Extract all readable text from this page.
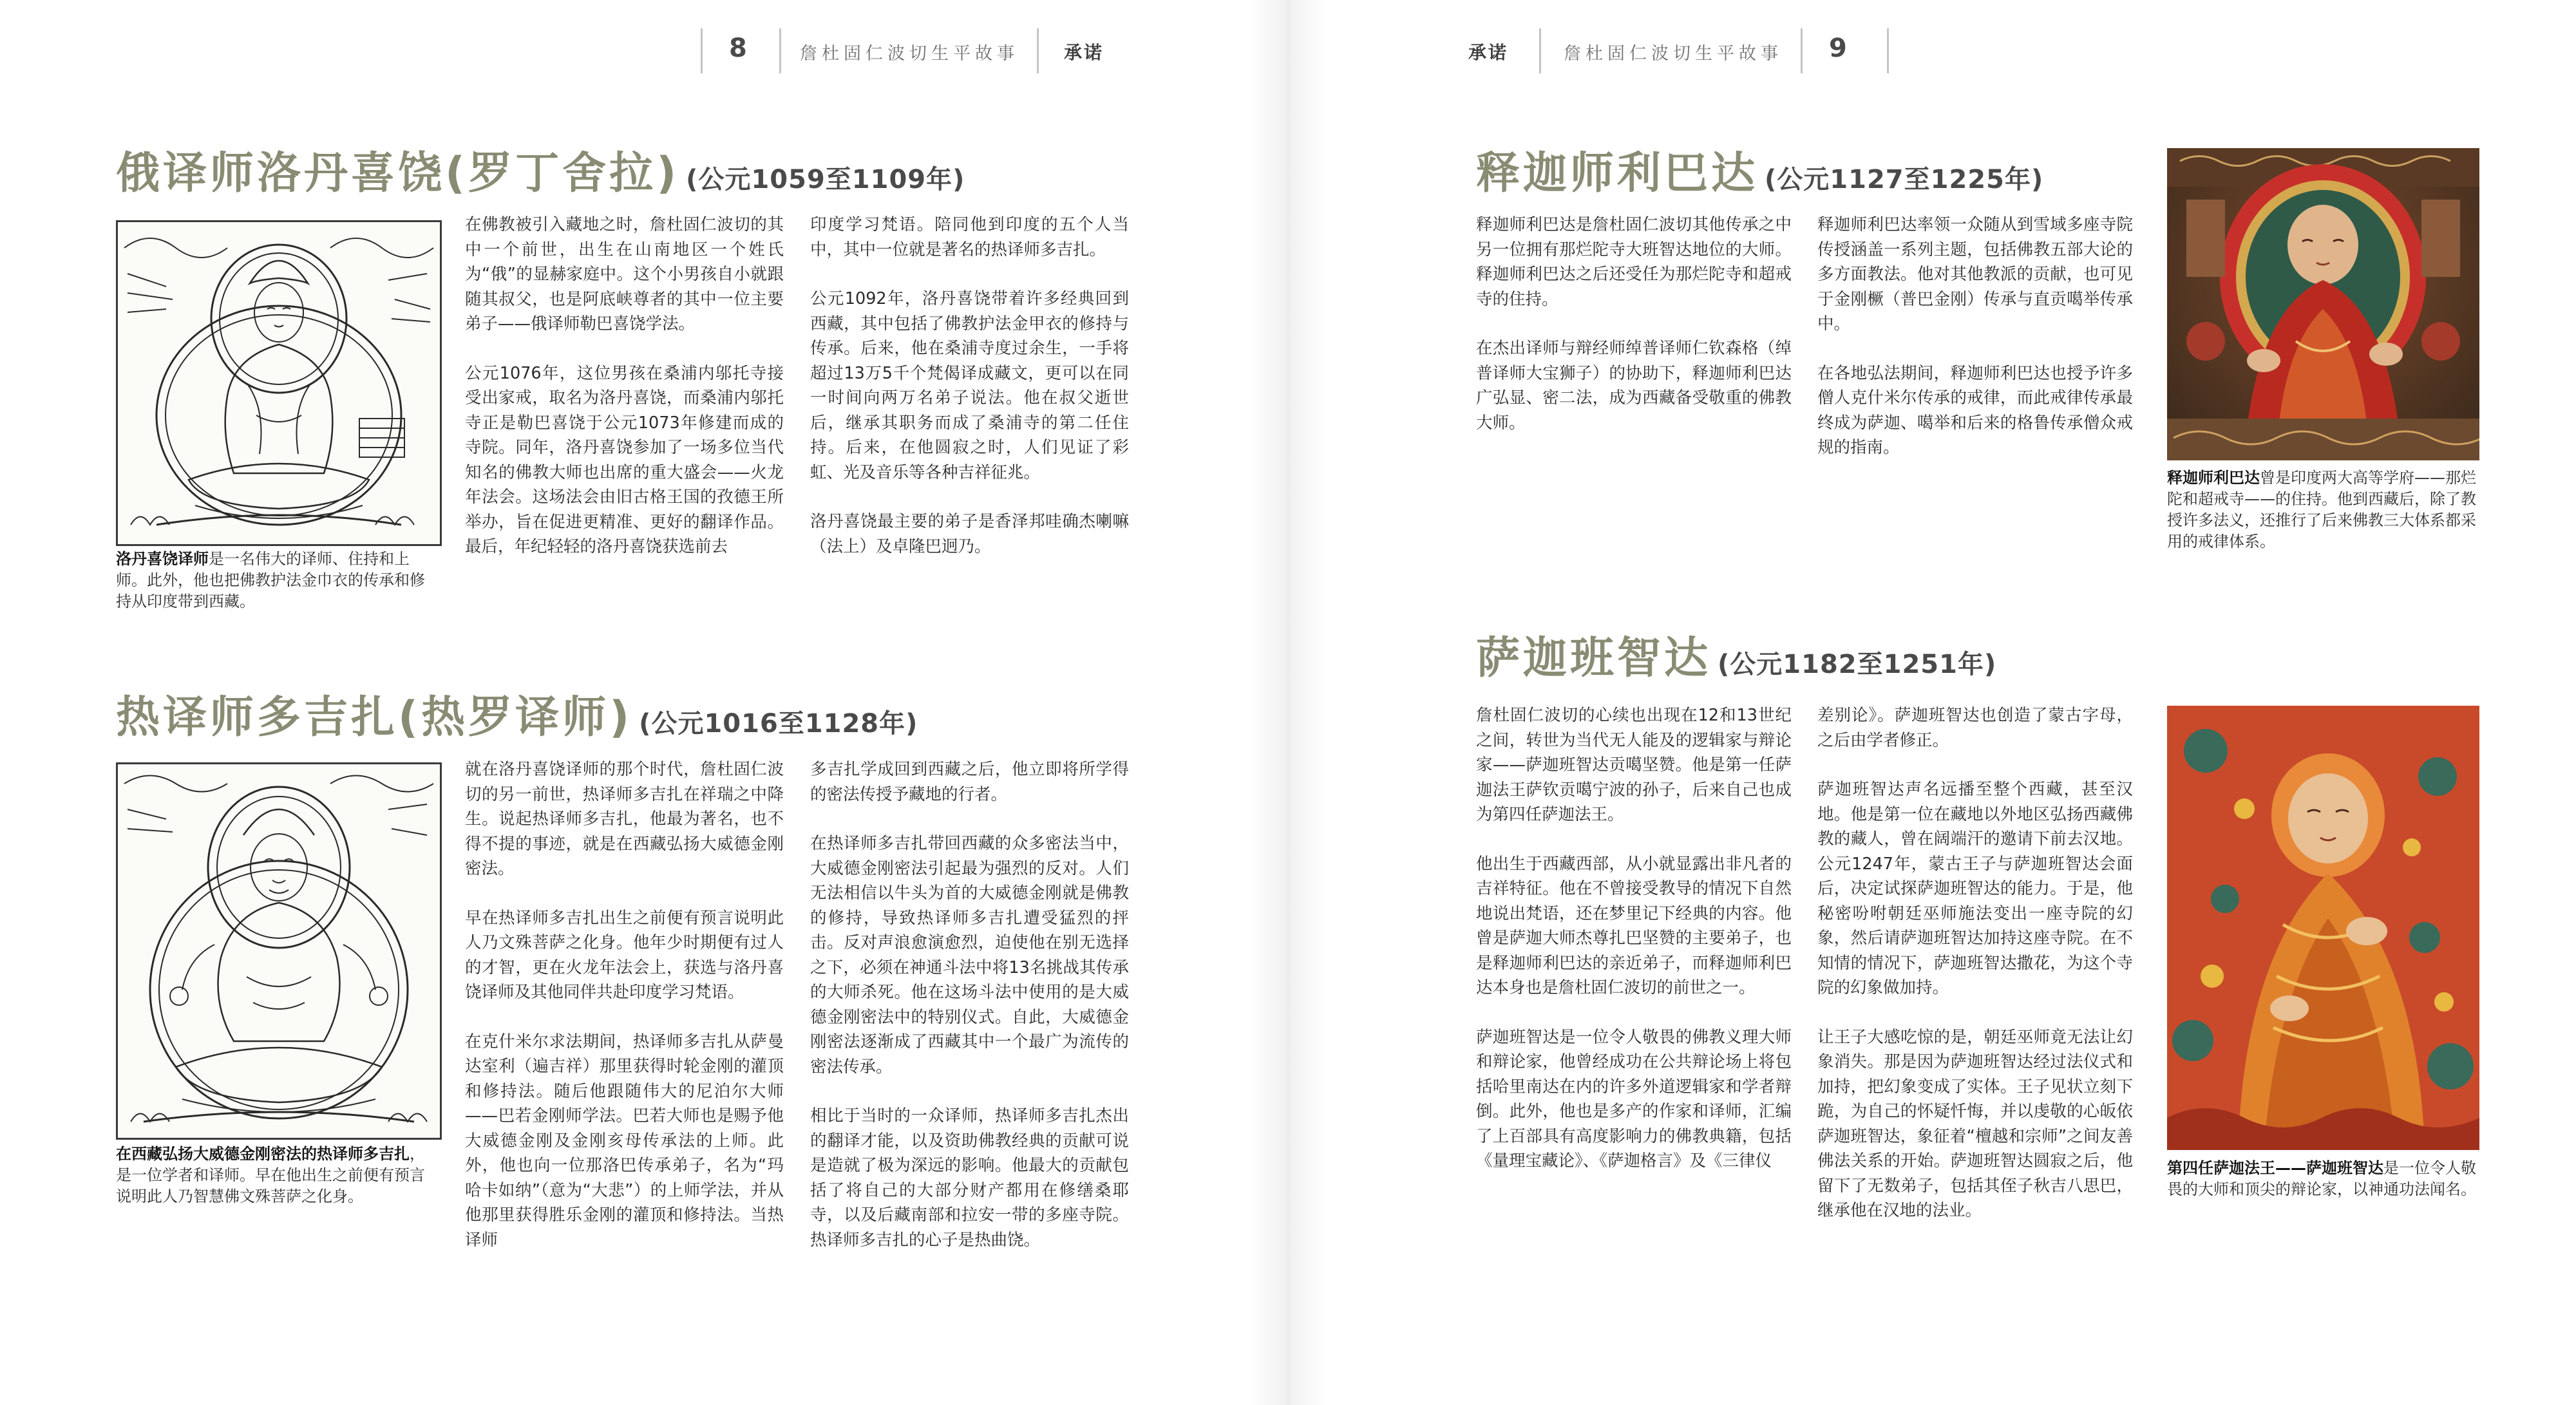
8	詹杜固仁波切生平故事	承诺	承诺	詹杜固仁波切生平故事 9
俄译师洛丹喜饶(罗丁舍拉) (公元1059至1109年)
洛丹喜饶译师是一名伟大的译师、住持和上师。此外，他也把佛教护法金巾衣的传承和修持从印度带到西藏。

在佛教被引入藏地之时，詹杜固仁波切的其中一个前世，出生在山南地区一个姓氏为“俄”的显赫家庭中。这个小男孩自小就跟随其叔父，也是阿底峡尊者的其中一位主要弟子——俄译师勒巴喜饶学法。

公元1076年，这位男孩在桑浦内邬托寺接受出家戒，取名为洛丹喜饶，而桑浦内邬托寺正是勒巴喜饶于公元1073年修建而成的寺院。同年，洛丹喜饶参加了一场多位当代知名的佛教大师也出席的重大盛会——火龙年法会。这场法会由旧古格王国的孜德王所举办，旨在促进更精准、更好的翻译作品。最后，年纪轻轻的洛丹喜饶获选前去

印度学习梵语。陪同他到印度的五个人当中，其中一位就是著名的热译师多吉扎。

公元1092年，洛丹喜饶带着许多经典回到西藏，其中包括了佛教护法金甲衣的修持与传承。后来，他在桑浦寺度过余生，一手将超过13万5千个梵偈译成藏文，更可以在同一时间向两万名弟子说法。他在叔父逝世后，继承其职务而成了桑浦寺的第二任住持。后来，在他圆寂之时，人们见证了彩虹、光及音乐等各种吉祥征兆。

洛丹喜饶最主要的弟子是香泽邦哇确杰喇嘛（法上）及卓隆巴迥乃。

热译师多吉扎(热罗译师) (公元1016至1128年)
在西藏弘扬大威德金刚密法的热译师多吉扎，是一位学者和译师。早在他出生之前便有预言说明此人乃智慧佛文殊菩萨之化身。

就在洛丹喜饶译师的那个时代，詹杜固仁波切的另一前世，热译师多吉扎在祥瑞之中降生。说起热译师多吉扎，他最为著名，也不得不提的事迹，就是在西藏弘扬大威德金刚密法。

早在热译师多吉扎出生之前便有预言说明此人乃文殊菩萨之化身。他年少时期便有过人的才智，更在火龙年法会上，获选与洛丹喜饶译师及其他同伴共赴印度学习梵语。

在克什米尔求法期间，热译师多吉扎从萨曼达室利（遍吉祥）那里获得时轮金刚的灌顶和修持法。随后他跟随伟大的尼泊尔大师——巴若金刚师学法。巴若大师也是赐予他大威德金刚及金刚亥母传承法的上师。此外，他也向一位那洛巴传承弟子，名为“玛哈卡如纳”（意为“大悲”）的上师学法，并从他那里获得胜乐金刚的灌顶和修持法。当热译师

多吉扎学成回到西藏之后，他立即将所学得的密法传授予藏地的行者。

在热译师多吉扎带回西藏的众多密法当中，大威德金刚密法引起最为强烈的反对。人们无法相信以牛头为首的大威德金刚就是佛教的修持，导致热译师多吉扎遭受猛烈的抨击。反对声浪愈演愈烈，迫使他在别无选择之下，必须在神通斗法中将13名挑战其传承的大师杀死。他在这场斗法中使用的是大威德金刚密法中的特别仪式。自此，大威德金刚密法逐渐成了西藏其中一个最广为流传的密法传承。

相比于当时的一众译师，热译师多吉扎杰出的翻译才能，以及资助佛教经典的贡献可说是造就了极为深远的影响。他最大的贡献包括了将自己的大部分财产都用在修缮桑耶寺，以及后藏南部和拉安一带的多座寺院。热译师多吉扎的心子是热曲饶。

释迦师利巴达 (公元1127至1225年)

释迦师利巴达是詹杜固仁波切其他传承之中另一位拥有那烂陀寺大班智达地位的大师。释迦师利巴达之后还受任为那烂陀寺和超戒寺的住持。

在杰出译师与辩经师绰普译师仁钦森格（绰普译师大宝狮子）的协助下，释迦师利巴达广弘显、密二法，成为西藏备受敬重的佛教大师。

释迦师利巴达率领一众随从到雪域多座寺院传授涵盖一系列主题，包括佛教五部大论的多方面教法。他对其他教派的贡献，也可见于金刚橛（普巴金刚）传承与直贡噶举传承中。

在各地弘法期间，释迦师利巴达也授予许多僧人克什米尔传承的戒律，而此戒律传承最终成为萨迦、噶举和后来的格鲁传承僧众戒规的指南。

释迦师利巴达曾是印度两大高等学府——那烂陀和超戒寺——的住持。他到西藏后，除了教授许多法义，还推行了后来佛教三大体系都采用的戒律体系。
萨迦班智达 (公元1182至1251年)

詹杜固仁波切的心续也出现在12和13世纪之间，转世为当代无人能及的逻辑家与辩论家——萨迦班智达贡噶坚赞。他是第一任萨迦法王萨钦贡噶宁波的孙子，后来自己也成为第四任萨迦法王。

他出生于西藏西部，从小就显露出非凡者的吉祥特征。他在不曾接受教导的情况下自然地说出梵语，还在梦里记下经典的内容。他曾是萨迦大师杰尊扎巴坚赞的主要弟子，也是释迦师利巴达的亲近弟子，而释迦师利巴达本身也是詹杜固仁波切的前世之一。

萨迦班智达是一位令人敬畏的佛教义理大师和辩论家，他曾经成功在公共辩论场上将包括哈里南达在内的许多外道逻辑家和学者辩倒。此外，他也是多产的作家和译师，汇编了上百部具有高度影响力的佛教典籍，包括《量理宝藏论》、《萨迦格言》及《三律仪

差别论》。萨迦班智达也创造了蒙古字母，之后由学者修正。

萨迦班智达声名远播至整个西藏，甚至汉地。他是第一位在藏地以外地区弘扬西藏佛教的藏人，曾在阔端汗的邀请下前去汉地。公元1247年，蒙古王子与萨迦班智达会面后，决定试探萨迦班智达的能力。于是，他秘密吩咐朝廷巫师施法变出一座寺院的幻象，然后请萨迦班智达加持这座寺院。在不知情的情况下，萨迦班智达撒花，为这个寺院的幻象做加持。

让王子大感吃惊的是，朝廷巫师竟无法让幻象消失。那是因为萨迦班智达经过法仪式和加持，把幻象变成了实体。王子见状立刻下跪，为自己的怀疑忏悔，并以虔敬的心皈依萨迦班智达，象征着“檀越和宗师”之间友善佛法关系的开始。萨迦班智达圆寂之后，他留下了无数弟子，包括其侄子秋吉八思巴，继承他在汉地的法业。

第四任萨迦法王——萨迦班智达是一位令人敬畏的大师和顶尖的辩论家，以神通功法闻名。
